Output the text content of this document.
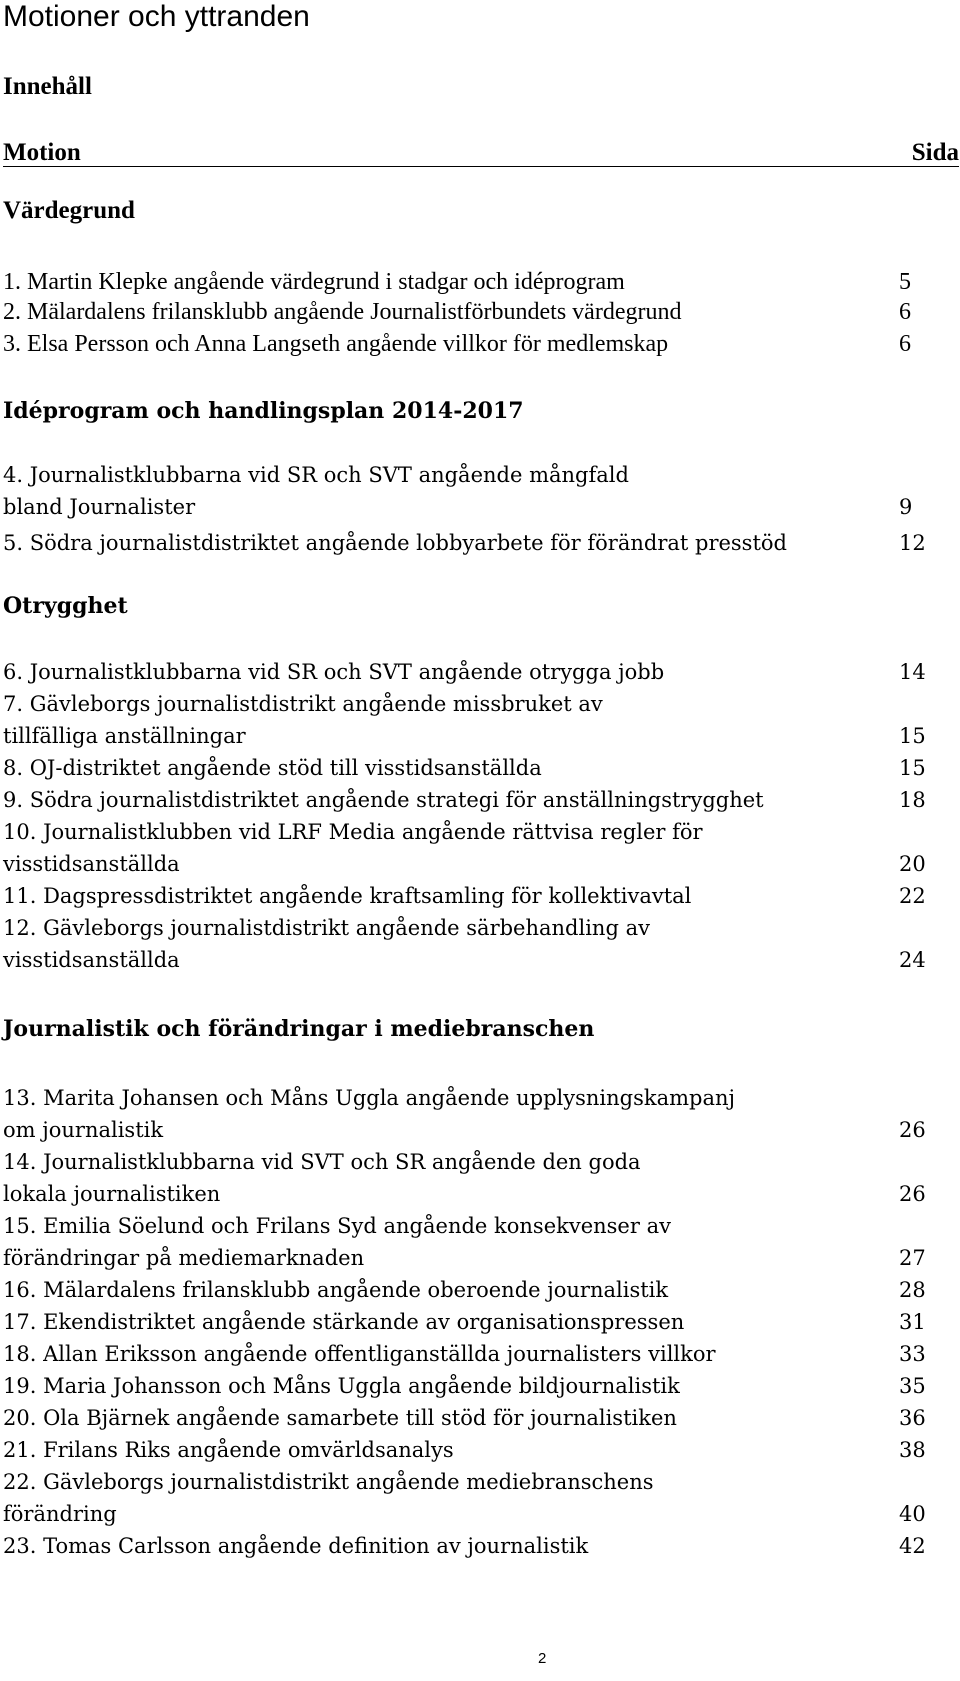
Motioner och yttranden
Innehåll
Motion	Sida
Värdegrund
1. Martin Klepke angående värdegrund i stadgar och idéprogram	5
2. Mälardalens frilansklubb angående Journalistförbundets värdegrund	6
3. Elsa Persson och Anna Langseth angående villkor för medlemskap	6
Idéprogram och handlingsplan 2014-2017
4. Journalistklubbarna vid SR och SVT angående mångfald
bland Journalister	9
5. Södra journalistdistriktet angående lobbyarbete för förändrat presstöd	12
Otrygghet
6. Journalistklubbarna vid SR och SVT angående otrygga jobb	14
7. Gävleborgs journalistdistrikt angående missbruket av
tillfälliga anställningar	15
8. OJ-distriktet angående stöd till visstidsanställda	15
9. Södra journalistdistriktet angående strategi för anställningstrygghet	18
10. Journalistklubben vid LRF Media angående rättvisa regler för
visstidsanställda	20
11. Dagspressdistriktet angående kraftsamling för kollektivavtal	22
12. Gävleborgs journalistdistrikt angående särbehandling av
visstidsanställda	24
Journalistik och förändringar i mediebranschen
13. Marita Johansen och Måns Uggla angående upplysningskampanj
om journalistik	26
14. Journalistklubbarna vid SVT och SR angående den goda
lokala journalistiken	26
15. Emilia Söelund och Frilans Syd angående konsekvenser av
förändringar på mediemarknaden	27
16. Mälardalens frilansklubb angående oberoende journalistik	28
17. Ekendistriktet angående stärkande av organisationspressen	31
18. Allan Eriksson angående offentliganställda journalisters villkor	33
19. Maria Johansson och Måns Uggla angående bildjournalistik	35
20. Ola Bjärnek angående samarbete till stöd för journalistiken	36
21. Frilans Riks angående omvärldsanalys	38
22. Gävleborgs journalistdistrikt angående mediebranschens
förändring	40
23. Tomas Carlsson angående definition av journalistik	42
2
